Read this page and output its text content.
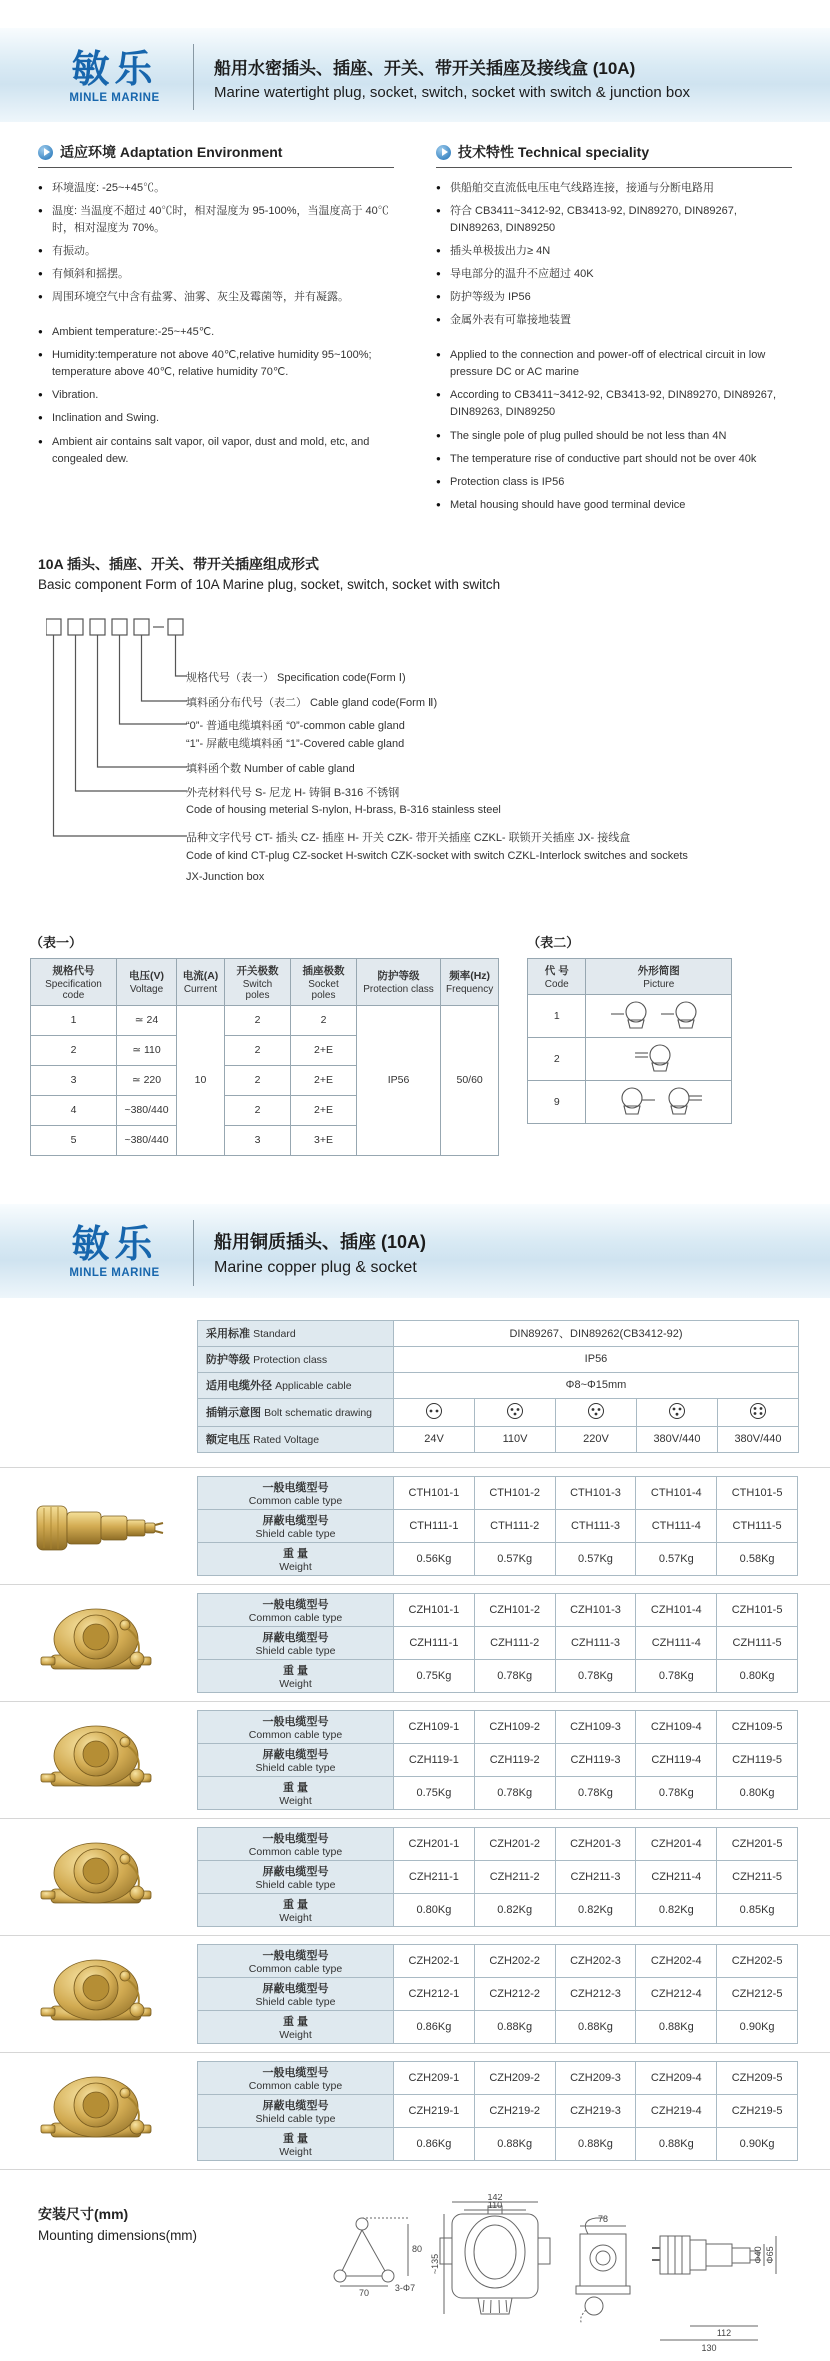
敏乐
MINLE MARINE
船用水密插头、插座、开关、带开关插座及接线盒 (10A)
Marine watertight plug, socket, switch, socket with switch & junction box
适应环境 Adaptation Environment
● 环境温度: -25~+45℃。
● 温度: 当温度不超过 40℃时，相对湿度为 95-100%，当温度高于 40℃时，相对湿度为 70%。
● 有振动。
● 有倾斜和摇摆。
● 周围环境空气中含有盐雾、油雾、灰尘及霉菌等，并有凝露。
● Ambient temperature:-25~+45℃.
● Humidity:temperature not above 40℃,relative humidity 95~100%; temperature above 40℃, relative humidity 70℃.
● Vibration.
● Inclination and Swing.
● Ambient air contains salt vapor, oil vapor, dust and mold, etc, and congealed dew.
技术特性 Technical speciality
● 供船舶交直流低电压电气线路连接，接通与分断电路用
● 符合 CB3411~3412-92, CB3413-92, DIN89270, DIN89267, DIN89263, DIN89250
● 插头单极拔出力≥ 4N
● 导电部分的温升不应超过 40K
● 防护等级为 IP56
● 金属外表有可靠接地装置
● Applied to the connection and power-off of electrical circuit in low pressure DC or AC marine
● According to CB3411~3412-92, CB3413-92, DIN89270, DIN89267, DIN89263, DIN89250
● The single pole of plug pulled should be not less than 4N
● The temperature rise of conductive part should not be over 40k
● Protection class is IP56
● Metal housing should have good terminal device
10A 插头、插座、开关、带开关插座组成形式
Basic component Form of 10A Marine plug, socket, switch, socket with switch
规格代号（表一） Specification code(Form Ⅰ)
填料函分布代号（表二） Cable gland code(Form Ⅱ)
“0”- 普通电缆填料函 “0”-common cable gland
“1”- 屏蔽电缆填料函 “1”-Covered cable gland
填料函个数 Number of cable gland
外壳材料代号 S- 尼龙 H- 铸铜 B-316 不锈钢
Code of housing meterial S-nylon, H-brass, B-316 stainless steel
品种文字代号 CT- 插头 CZ- 插座 H- 开关 CZK- 带开关插座 CZKL- 联锁开关插座 JX- 接线盒
Code of kind CT-plug CZ-socket H-switch CZK-socket with switch CZKL-Interlock switches and sockets
JX-Junction box
（表一）
规格代号
Specification code

电压(V)
Voltage

电流(A)
Current

开关极数
Switch poles

插座极数
Socket poles

防护等级
Protection class

频率(Hz)
Frequency

1	≃ 24	10	2	2	IP56	50/60
2	≃ 110		2	2+E		
3	≃ 220		2	2+E		
4	~380/440		2	2+E		
5	~380/440		3	3+E		
（表二）
代 号
Code

外形简图
Picture

1	

2	

9	
敏乐
MINLE MARINE
船用铜质插头、插座 (10A)
Marine copper plug & socket
采用标准 Standard	DIN89267、DIN89262(CB3412-92)				
防护等级 Protection class	IP56				
适用电缆外径 Applicable cable	Φ8~Φ15mm				
插销示意图 Bolt schematic drawing					
额定电压 Rated Voltage	24V	110V	220V	380V/440	380V/440
一般电缆型号
Common cable type	CTH101-1	CTH101-2	CTH101-3	CTH101-4	CTH101-5

屏蔽电缆型号
Shield cable type	CTH111-1	CTH111-2	CTH111-3	CTH111-4	CTH111-5

重 量
Weight	0.56Kg	0.57Kg	0.57Kg	0.57Kg	0.58Kg
一般电缆型号
Common cable type	CZH101-1	CZH101-2	CZH101-3	CZH101-4	CZH101-5

屏蔽电缆型号
Shield cable type	CZH111-1	CZH111-2	CZH111-3	CZH111-4	CZH111-5

重 量
Weight	0.75Kg	0.78Kg	0.78Kg	0.78Kg	0.80Kg
一般电缆型号
Common cable type	CZH109-1	CZH109-2	CZH109-3	CZH109-4	CZH109-5

屏蔽电缆型号
Shield cable type	CZH119-1	CZH119-2	CZH119-3	CZH119-4	CZH119-5

重 量
Weight	0.75Kg	0.78Kg	0.78Kg	0.78Kg	0.80Kg
一般电缆型号
Common cable type	CZH201-1	CZH201-2	CZH201-3	CZH201-4	CZH201-5

屏蔽电缆型号
Shield cable type	CZH211-1	CZH211-2	CZH211-3	CZH211-4	CZH211-5

重 量
Weight	0.80Kg	0.82Kg	0.82Kg	0.82Kg	0.85Kg
一般电缆型号
Common cable type	CZH202-1	CZH202-2	CZH202-3	CZH202-4	CZH202-5

屏蔽电缆型号
Shield cable type	CZH212-1	CZH212-2	CZH212-3	CZH212-4	CZH212-5

重 量
Weight	0.86Kg	0.88Kg	0.88Kg	0.88Kg	0.90Kg
一般电缆型号
Common cable type	CZH209-1	CZH209-2	CZH209-3	CZH209-4	CZH209-5

屏蔽电缆型号
Shield cable type	CZH219-1	CZH219-2	CZH219-3	CZH219-4	CZH219-5

重 量
Weight	0.86Kg	0.88Kg	0.88Kg	0.88Kg	0.90Kg
安装尺寸(mm)
Mounting dimensions(mm)
70
80
3-Φ7
142
110
~135
78
112
130
Φ40 Φ65
